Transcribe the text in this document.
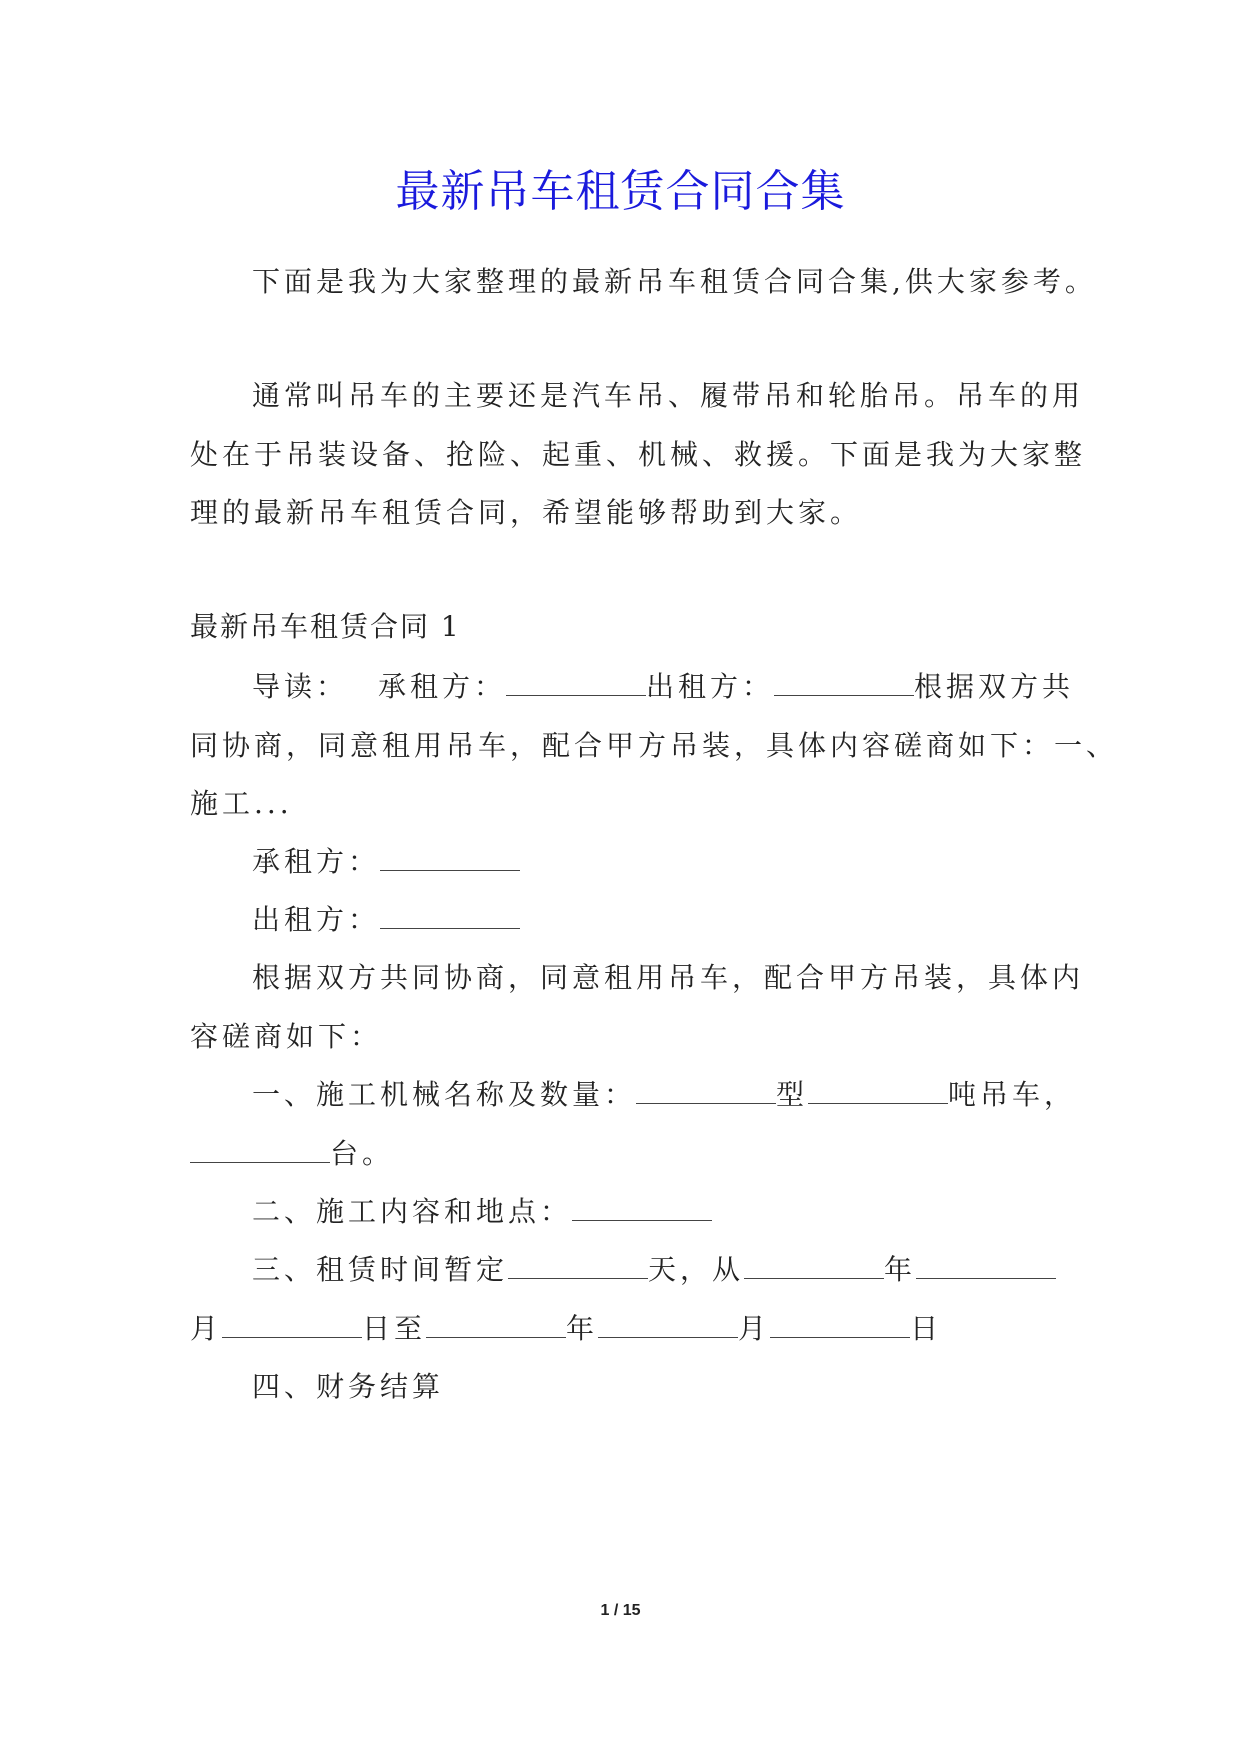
最新吊车租赁合同合集
下面是我为大家整理的最新吊车租赁合同合集,供大家参考。
通常叫吊车的主要还是汽车吊、履带吊和轮胎吊。吊车的用
处在于吊装设备、抢险、起重、机械、救援。下面是我为大家整
理的最新吊车租赁合同，希望能够帮助到大家。
最新吊车租赁合同 1
导读： 承租方：	出租方：	根据双方共
同协商，同意租用吊车，配合甲方吊装，具体内容磋商如下：一、
施工...
承租方：
出租方：
根据双方共同协商，同意租用吊车，配合甲方吊装，具体内
容磋商如下：
一、施工机械名称及数量：	型	吨吊车，
台。
二、施工内容和地点：
三、租赁时间暂定	天，从	年
月	日至	年	月	日
四、财务结算
1 / 15
